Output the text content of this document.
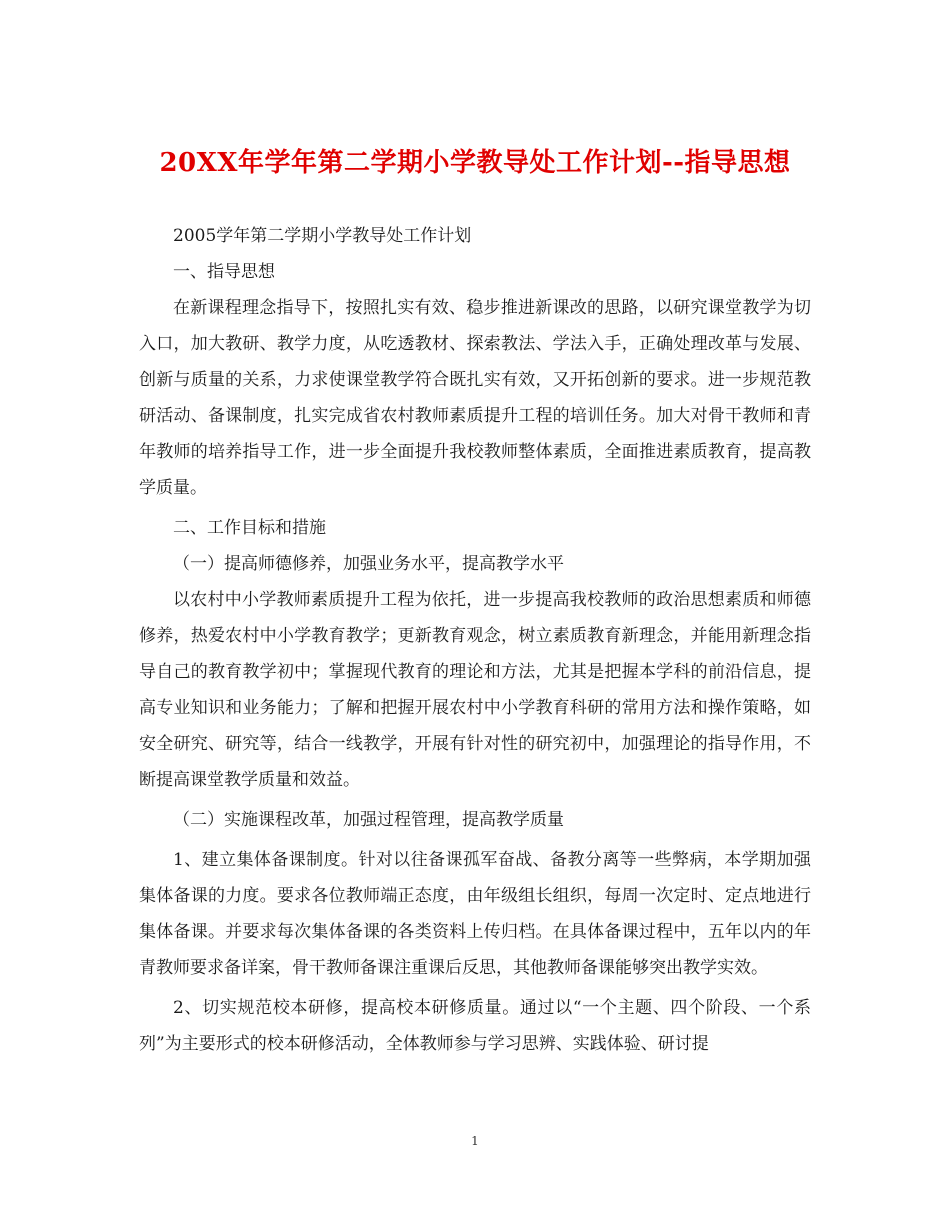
20XX年学年第二学期小学教导处工作计划--指导思想

2005学年第二学期小学教导处工作计划

一、指导思想

在新课程理念指导下，按照扎实有效、稳步推进新课改的思路，以研究课堂教学为切入口，加大教研、教学力度，从吃透教材、探索教法、学法入手，正确处理改革与发展、创新与质量的关系，力求使课堂教学符合既扎实有效，又开拓创新的要求。进一步规范教研活动、备课制度，扎实完成省农村教师素质提升工程的培训任务。加大对骨干教师和青年教师的培养指导工作，进一步全面提升我校教师整体素质，全面推进素质教育，提高教学质量。

二、工作目标和措施

（一）提高师德修养，加强业务水平，提高教学水平

以农村中小学教师素质提升工程为依托，进一步提高我校教师的政治思想素质和师德修养，热爱农村中小学教育教学；更新教育观念，树立素质教育新理念，并能用新理念指导自己的教育教学初中；掌握现代教育的理论和方法，尤其是把握本学科的前沿信息，提高专业知识和业务能力；了解和把握开展农村中小学教育科研的常用方法和操作策略，如安全研究、研究等，结合一线教学，开展有针对性的研究初中，加强理论的指导作用，不断提高课堂教学质量和效益。

（二）实施课程改革，加强过程管理，提高教学质量

1、建立集体备课制度。针对以往备课孤军奋战、备教分离等一些弊病，本学期加强集体备课的力度。要求各位教师端正态度，由年级组长组织，每周一次定时、定点地进行集体备课。并要求每次集体备课的各类资料上传归档。在具体备课过程中，五年以内的年青教师要求备详案，骨干教师备课注重课后反思，其他教师备课能够突出教学实效。

2、切实规范校本研修，提高校本研修质量。通过以“一个主题、四个阶段、一个系列”为主要形式的校本研修活动，全体教师参与学习思辨、实践体验、研讨提

1
